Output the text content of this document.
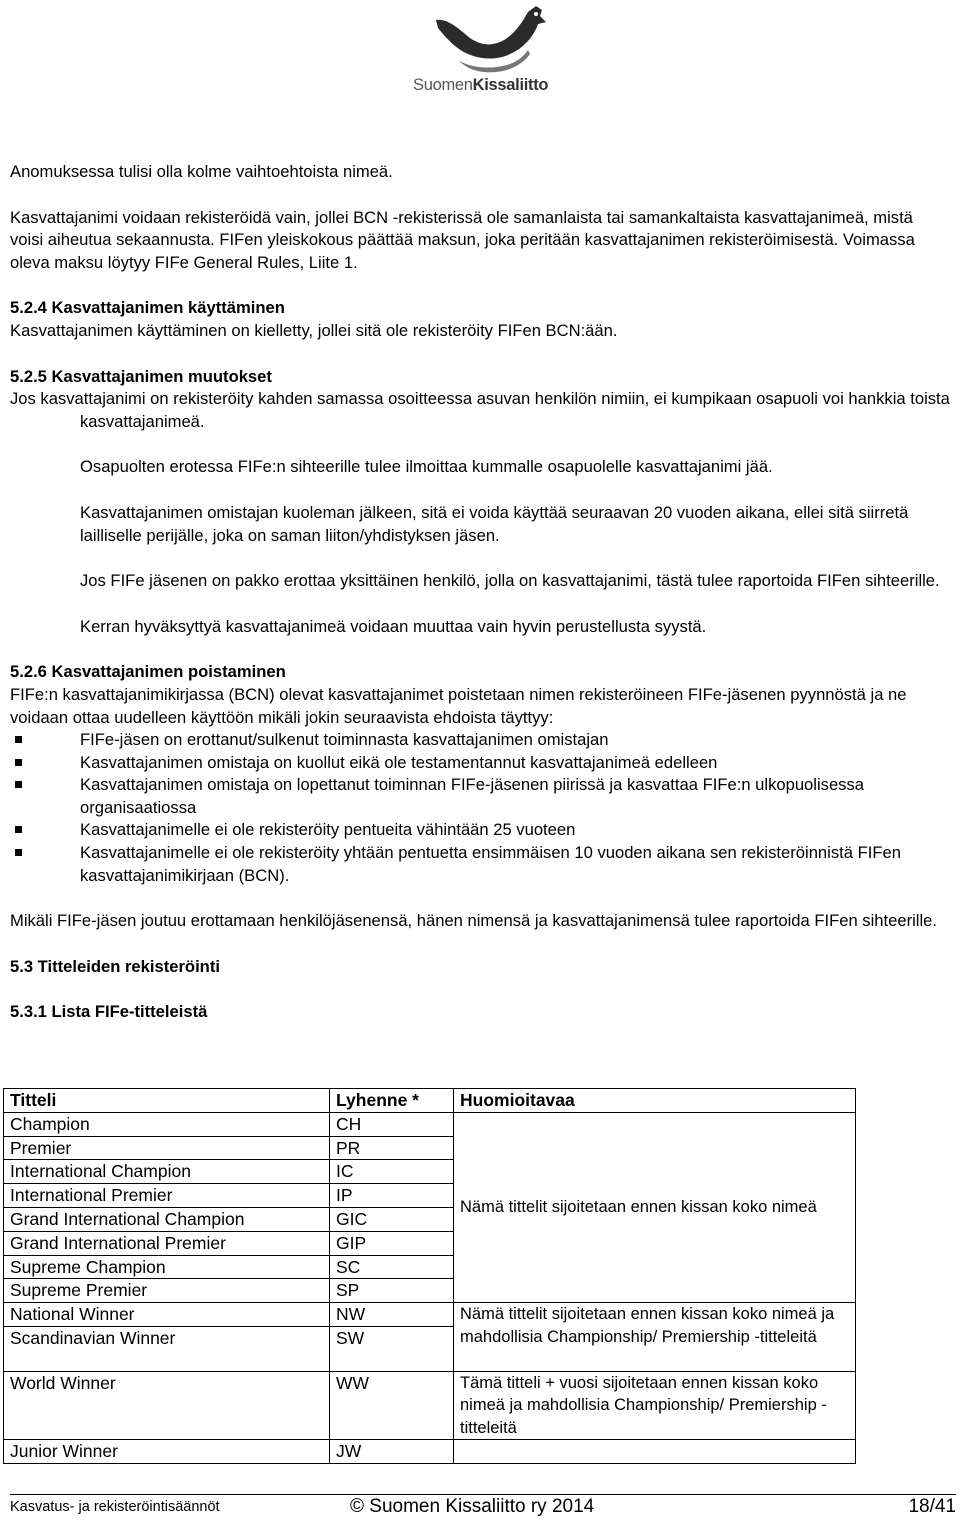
SuomenKissaliitto

Anomuksessa tulisi olla kolme vaihtoehtoista nimeä.

Kasvattajanimi voidaan rekisteröidä vain, jollei BCN -rekisterissä ole samanlaista tai samankaltaista kasvattajanimeä, mistä voisi aiheutua sekaannusta. FIFen yleiskokous päättää maksun, joka peritään kasvattajanimen rekisteröimisestä. Voimassa oleva maksu löytyy FIFe General Rules, Liite 1.

5.2.4 Kasvattajanimen käyttäminen

Kasvattajanimen käyttäminen on kielletty, jollei sitä ole rekisteröity FIFen BCN:ään.

5.2.5 Kasvattajanimen muutokset

Jos kasvattajanimi on rekisteröity kahden samassa osoitteessa asuvan henkilön nimiin, ei kumpikaan osapuoli voi hankkia toista kasvattajanimeä.

Osapuolten erotessa FIFe:n sihteerille tulee ilmoittaa kummalle osapuolelle kasvattajanimi jää.

Kasvattajanimen omistajan kuoleman jälkeen, sitä ei voida käyttää seuraavan 20 vuoden aikana, ellei sitä siirretä lailliselle perijälle, joka on saman liiton/yhdistyksen jäsen.

Jos FIFe jäsenen on pakko erottaa yksittäinen henkilö, jolla on kasvattajanimi, tästä tulee raportoida FIFen sihteerille.

Kerran hyväksyttyä kasvattajanimeä voidaan muuttaa vain hyvin perustellusta syystä.

5.2.6 Kasvattajanimen poistaminen

FIFe:n kasvattajanimikirjassa (BCN) olevat kasvattajanimet poistetaan nimen rekisteröineen FIFe-jäsenen pyynnöstä ja ne voidaan ottaa uudelleen käyttöön mikäli jokin seuraavista ehdoista täyttyy:

FIFe-jäsen on erottanut/sulkenut toiminnasta kasvattajanimen omistajan
Kasvattajanimen omistaja on kuollut eikä ole testamentannut kasvattajanimeä edelleen
Kasvattajanimen omistaja on lopettanut toiminnan FIFe-jäsenen piirissä ja kasvattaa FIFe:n ulkopuolisessa organisaatiossa
Kasvattajanimelle ei ole rekisteröity pentueita vähintään 25 vuoteen
Kasvattajanimelle ei ole rekisteröity yhtään pentuetta ensimmäisen 10 vuoden aikana sen rekisteröinnistä FIFen kasvattajanimikirjaan (BCN).

Mikäli FIFe-jäsen joutuu erottamaan henkilöjäsenensä, hänen nimensä ja kasvattajanimensä tulee raportoida FIFen sihteerille.

5.3 Titteleiden rekisteröinti

5.3.1 Lista FIFe-titteleistä

Titteli	Lyhenne *	Huomioitavaa
Champion	CH	Nämä tittelit sijoitetaan ennen kissan koko nimeä
Premier	PR	
International Champion	IC	
International Premier	IP	
Grand International Champion	GIC	
Grand International Premier	GIP	
Supreme Champion	SC	
Supreme Premier	SP	
National Winner	NW	Nämä tittelit sijoitetaan ennen kissan koko nimeä ja mahdollisia Championship/ Premiership -titteleitä
Scandinavian Winner	SW	
World Winner	WW	Tämä titteli + vuosi sijoitetaan ennen kissan koko nimeä ja mahdollisia Championship/ Premiership -titteleitä
Junior Winner	JW	
Kasvatus- ja rekisteröintisäännöt	© Suomen Kissaliitto ry 2014	18/41
